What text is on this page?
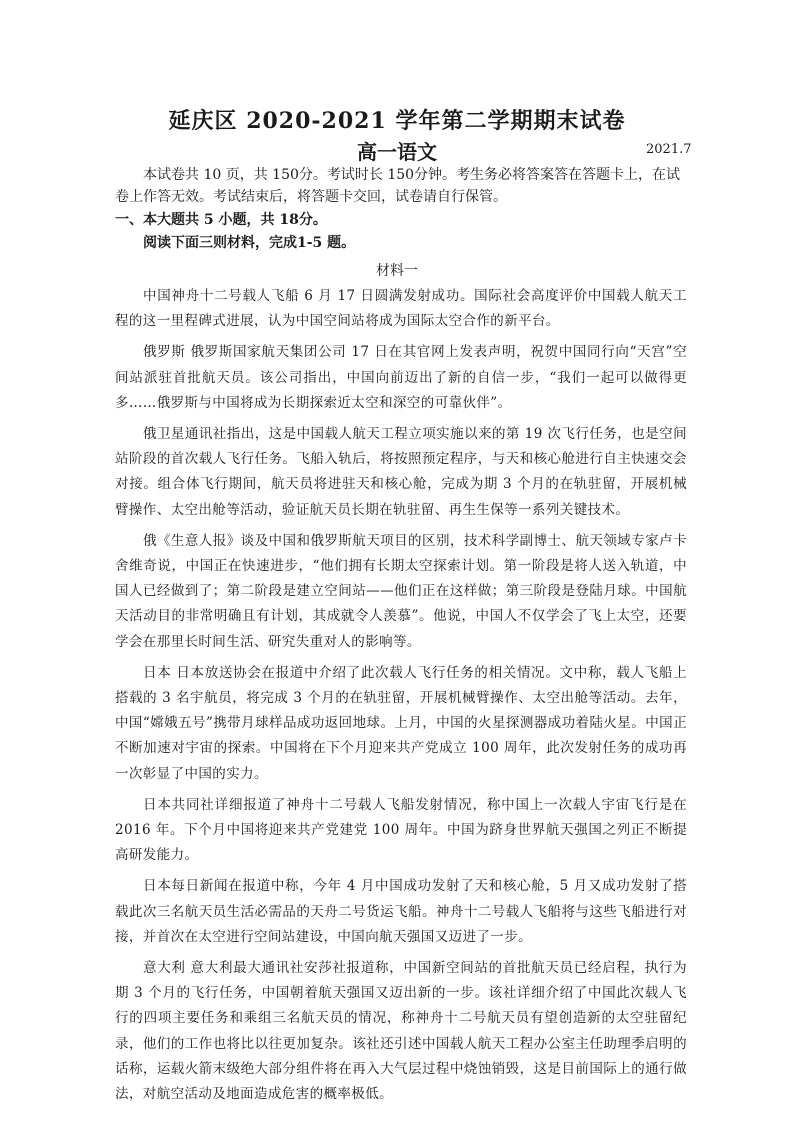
延庆区 2020-2021 学年第二学期期末试卷
高一语文	2021.7

本试卷共 10 页，共 150分。考试时长 150分钟。考生务必将答案答在答题卡上，在试卷上作答无效。考试结束后，将答题卡交回，试卷请自行保管。

一、本大题共 5 小题，共 18分。

阅读下面三则材料，完成1-5 题。

材料一

中国神舟十二号载人飞船 6 月 17 日圆满发射成功。国际社会高度评价中国载人航天工程的这一里程碑式进展，认为中国空间站将成为国际太空合作的新平台。

俄罗斯 俄罗斯国家航天集团公司 17 日在其官网上发表声明，祝贺中国同行向“天宫”空间站派驻首批航天员。该公司指出，中国向前迈出了新的自信一步，“我们一起可以做得更多……俄罗斯与中国将成为长期探索近太空和深空的可靠伙伴”。

俄卫星通讯社指出，这是中国载人航天工程立项实施以来的第 19 次飞行任务，也是空间站阶段的首次载人飞行任务。飞船入轨后，将按照预定程序，与天和核心舱进行自主快速交会对接。组合体飞行期间，航天员将进驻天和核心舱，完成为期 3 个月的在轨驻留，开展机械臂操作、太空出舱等活动，验证航天员长期在轨驻留、再生生保等一系列关键技术。

俄《生意人报》谈及中国和俄罗斯航天项目的区别，技术科学副博士、航天领域专家卢卡舍维奇说，中国正在快速进步，“他们拥有长期太空探索计划。第一阶段是将人送入轨道，中国人已经做到了；第二阶段是建立空间站——他们正在这样做；第三阶段是登陆月球。中国航天活动目的非常明确且有计划，其成就令人羡慕”。他说，中国人不仅学会了飞上太空，还要学会在那里长时间生活、研究失重对人的影响等。

日本 日本放送协会在报道中介绍了此次载人飞行任务的相关情况。文中称，载人飞船上搭载的 3 名宇航员，将完成 3 个月的在轨驻留，开展机械臂操作、太空出舱等活动。去年，中国“嫦娥五号”携带月球样品成功返回地球。上月，中国的火星探测器成功着陆火星。中国正不断加速对宇宙的探索。中国将在下个月迎来共产党成立 100 周年，此次发射任务的成功再一次彰显了中国的实力。

日本共同社详细报道了神舟十二号载人飞船发射情况，称中国上一次载人宇宙飞行是在 2016 年。下个月中国将迎来共产党建党 100 周年。中国为跻身世界航天强国之列正不断提高研发能力。

日本每日新闻在报道中称，今年 4 月中国成功发射了天和核心舱，5 月又成功发射了搭载此次三名航天员生活必需品的天舟二号货运飞船。神舟十二号载人飞船将与这些飞船进行对接，并首次在太空进行空间站建设，中国向航天强国又迈进了一步。

意大利 意大利最大通讯社安莎社报道称，中国新空间站的首批航天员已经启程，执行为期 3 个月的飞行任务，中国朝着航天强国又迈出新的一步。该社详细介绍了中国此次载人飞行的四项主要任务和乘组三名航天员的情况，称神舟十二号航天员有望创造新的太空驻留纪录，他们的工作也将比以往更加复杂。该社还引述中国载人航天工程办公室主任助理季启明的话称，运载火箭末级绝大部分组件将在再入大气层过程中烧蚀销毁，这是目前国际上的通行做法，对航空活动及地面造成危害的概率极低。
